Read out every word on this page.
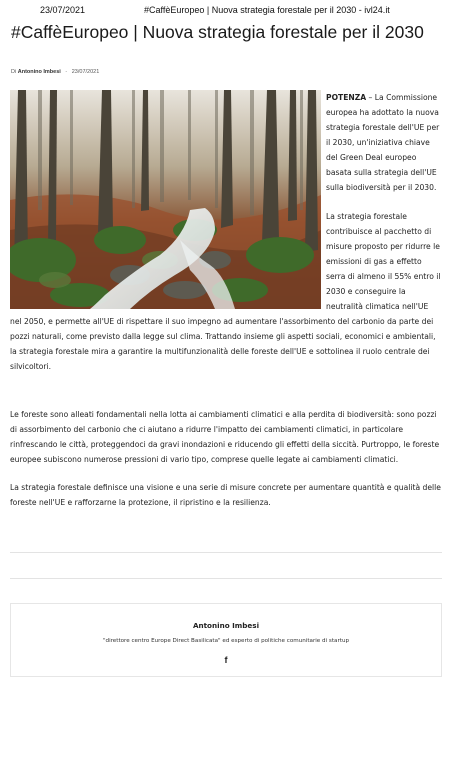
23/07/2021	#CaffèEuropeo | Nuova strategia forestale per il 2030 - ivl24.it
#CaffèEuropeo | Nuova strategia forestale per il 2030
Di Antonino Imbesi - 23/07/2021

POTENZA – La Commissione europea ha adottato la nuova strategia forestale dell'UE per il 2030, un'iniziativa chiave del Green Deal europeo basata sulla strategia dell'UE sulla biodiversità per il 2030.

La strategia forestale contribuisce al pacchetto di misure proposto per ridurre le emissioni di gas a effetto serra di almeno il 55% entro il 2030 e conseguire la neutralità climatica nell'UE nel 2050, e permette all'UE di rispettare il suo impegno ad aumentare l'assorbimento del carbonio da parte dei pozzi naturali, come previsto dalla legge sul clima. Trattando insieme gli aspetti sociali, economici e ambientali, la strategia forestale mira a garantire la multifunzionalità delle foreste dell'UE e sottolinea il ruolo centrale dei silvicoltori.

Le foreste sono alleati fondamentali nella lotta ai cambiamenti climatici e alla perdita di biodiversità: sono pozzi di assorbimento del carbonio che ci aiutano a ridurre l'impatto dei cambiamenti climatici, in particolare rinfrescando le città, proteggendoci da gravi inondazioni e riducendo gli effetti della siccità. Purtroppo, le foreste europee subiscono numerose pressioni di vario tipo, comprese quelle legate ai cambiamenti climatici.

La strategia forestale definisce una visione e una serie di misure concrete per aumentare quantità e qualità delle foreste nell'UE e rafforzarne la protezione, il ripristino e la resilienza.

Antonino Imbesi
"direttore centro Europe Direct Basilicata" ed esperto di politiche comunitarie di startup
f
